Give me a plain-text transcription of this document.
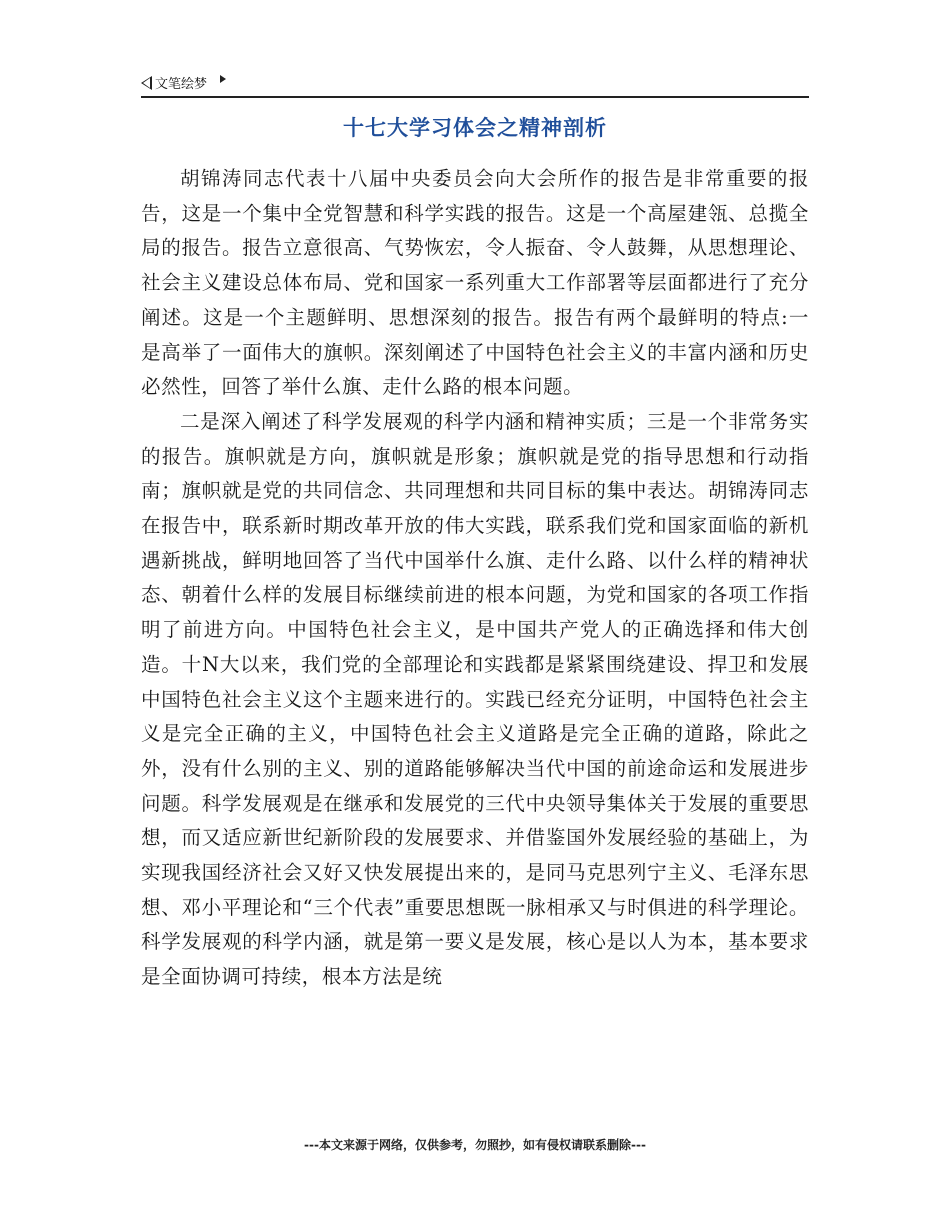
文笔绘梦
十七大学习体会之精神剖析

胡锦涛同志代表十八届中央委员会向大会所作的报告是非常重要的报告，这是一个集中全党智慧和科学实践的报告。这是一个高屋建瓴、总揽全局的报告。报告立意很高、气势恢宏，令人振奋、令人鼓舞，从思想理论、社会主义建设总体布局、党和国家一系列重大工作部署等层面都进行了充分阐述。这是一个主题鲜明、思想深刻的报告。报告有两个最鲜明的特点:一是高举了一面伟大的旗帜。深刻阐述了中国特色社会主义的丰富内涵和历史必然性，回答了举什么旗、走什么路的根本问题。

二是深入阐述了科学发展观的科学内涵和精神实质；三是一个非常务实的报告。旗帜就是方向，旗帜就是形象；旗帜就是党的指导思想和行动指南；旗帜就是党的共同信念、共同理想和共同目标的集中表达。胡锦涛同志在报告中，联系新时期改革开放的伟大实践，联系我们党和国家面临的新机遇新挑战，鲜明地回答了当代中国举什么旗、走什么路、以什么样的精神状态、朝着什么样的发展目标继续前进的根本问题，为党和国家的各项工作指明了前进方向。中国特色社会主义，是中国共产党人的正确选择和伟大创造。十N大以来，我们党的全部理论和实践都是紧紧围绕建设、捍卫和发展中国特色社会主义这个主题来进行的。实践已经充分证明，中国特色社会主义是完全正确的主义，中国特色社会主义道路是完全正确的道路，除此之外，没有什么别的主义、别的道路能够解决当代中国的前途命运和发展进步问题。科学发展观是在继承和发展党的三代中央领导集体关于发展的重要思想，而又适应新世纪新阶段的发展要求、并借鉴国外发展经验的基础上，为实现我国经济社会又好又快发展提出来的，是同马克思列宁主义、毛泽东思想、邓小平理论和“三个代表”重要思想既一脉相承又与时俱进的科学理论。科学发展观的科学内涵，就是第一要义是发展，核心是以人为本，基本要求是全面协调可持续，根本方法是统

---本文来源于网络，仅供参考，勿照抄，如有侵权请联系删除---
